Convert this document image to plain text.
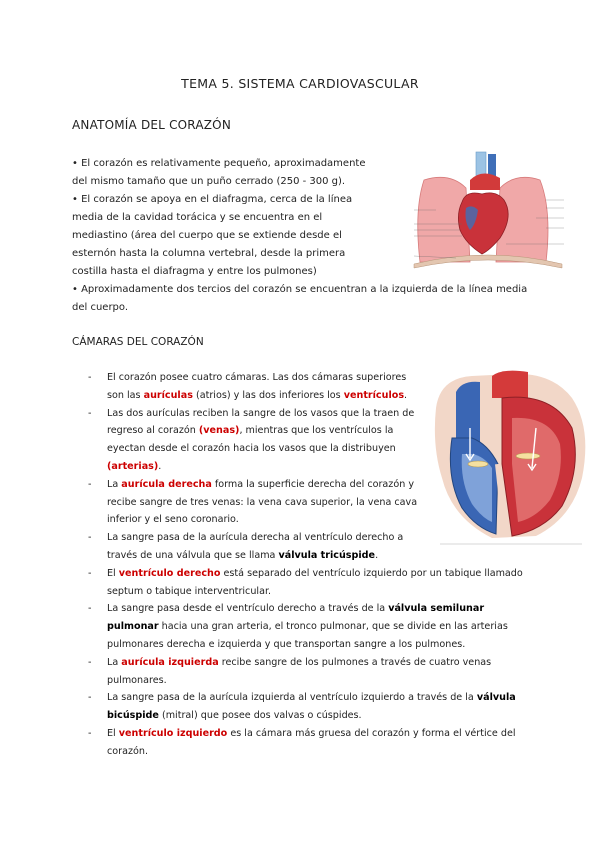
TEMA 5. SISTEMA CARDIOVASCULAR
ANATOMÍA DEL CORAZÓN

• El corazón es relativamente pequeño, aproximadamente del mismo tamaño que un puño cerrado (250 - 300 g).

• El corazón se apoya en el diafragma, cerca de la línea media de la cavidad torácica y se encuentra en el mediastino (área del cuerpo que se extiende desde el esternón hasta la columna vertebral, desde la primera costilla hasta el diafragma y entre los pulmones)

• Aproximadamente dos tercios del corazón se encuentran a la izquierda de la línea media del cuerpo.

CÁMARAS DEL CORAZÓN
- El corazón posee cuatro cámaras. Las dos cámaras superiores son las aurículas (atrios) y las dos inferiores los ventrículos.
- Las dos aurículas reciben la sangre de los vasos que la traen de regreso al corazón (venas), mientras que los ventrículos la eyectan desde el corazón hacia los vasos que la distribuyen (arterias).
- La aurícula derecha forma la superficie derecha del corazón y recibe sangre de tres venas: la vena cava superior, la vena cava inferior y el seno coronario.
- La sangre pasa de la aurícula derecha al ventrículo derecho a través de una válvula que se llama válvula tricúspide.
- El ventrículo derecho está separado del ventrículo izquierdo por un tabique llamado septum o tabique interventricular.
- La sangre pasa desde el ventrículo derecho a través de la válvula semilunar pulmonar hacia una gran arteria, el tronco pulmonar, que se divide en las arterias pulmonares derecha e izquierda y que transportan sangre a los pulmones.
- La aurícula izquierda recibe sangre de los pulmones a través de cuatro venas pulmonares.
- La sangre pasa de la aurícula izquierda al ventrículo izquierdo a través de la válvula bicúspide (mitral) que posee dos valvas o cúspides.
- El ventrículo izquierdo es la cámara más gruesa del corazón y forma el vértice del corazón.
